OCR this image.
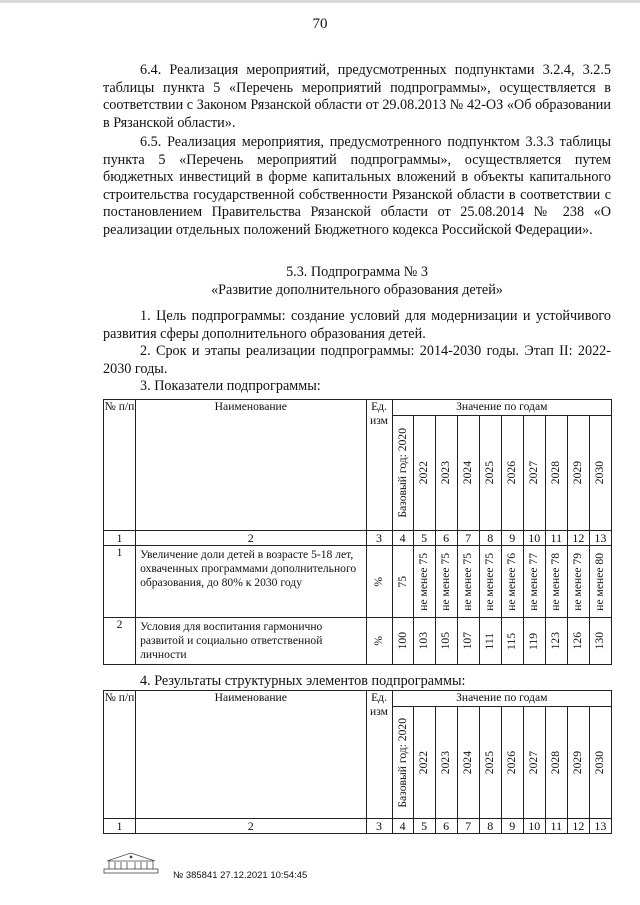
70
6.4. Реализация мероприятий, предусмотренных подпунктами 3.2.4, 3.2.5 таблицы пункта 5 «Перечень мероприятий подпрограммы», осуществляется в соответствии с Законом Рязанской области от 29.08.2013 № 42-ОЗ «Об образовании в Рязанской области».
6.5. Реализация мероприятия, предусмотренного подпунктом 3.3.3 таблицы пункта 5 «Перечень мероприятий подпрограммы», осуществляется путем бюджетных инвестиций в форме капитальных вложений в объекты капитального строительства государственной собственности Рязанской области в соответствии с постановлением Правительства Рязанской области от 25.08.2014 № 238 «О реализации отдельных положений Бюджетного кодекса Российской Федерации».
5.3. Подпрограмма № 3
«Развитие дополнительного образования детей»
1. Цель подпрограммы: создание условий для модернизации и устойчивого развития сферы дополнительного образования детей.
2. Срок и этапы реализации подпрограммы: 2014-2030 годы. Этап II: 2022-2030 годы.
3. Показатели подпрограммы:
№ п/п	Наименование	Ед. изм	Значение по годам									

			Базовый год: 2020	2022	2023	2024	2025	2026	2027	2028	2029	2030

1	2	3	4	5	6	7	8	9	10	11	12	13
1	Увеличение доли детей в возрасте 5-18 лет, охваченных программами дополнительного образования, до 80% к 2030 году	%	75	не менее 75	не менее 75	не менее 75	не менее 75	не менее 76	не менее 77	не менее 78	не менее 79	не менее 80

2	Условия для воспитания гармонично развитой и социально ответственной личности	%	100	103	105	107	111	115	119	123	126	130
4. Результаты структурных элементов подпрограммы:
№ п/п	Наименование	Ед. изм	Значение по годам									

			Базовый год: 2020	2022	2023	2024	2025	2026	2027	2028	2029	2030

1	2	3	4	5	6	7	8	9	10	11	12	13
№ 385841 27.12.2021 10:54:45
